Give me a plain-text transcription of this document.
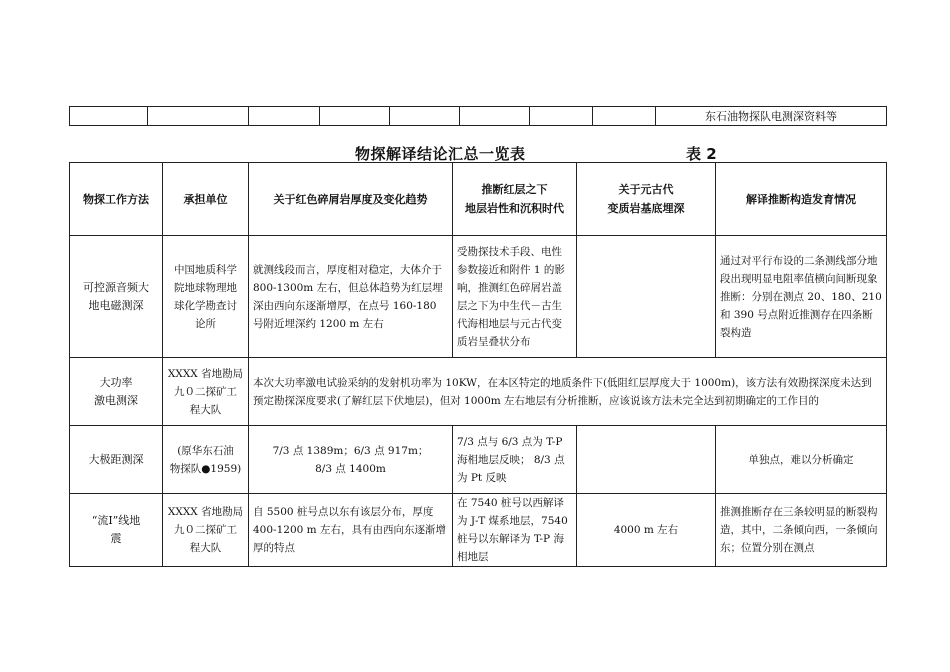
								东石油物探队电测深资料等
物探解译结论汇总一览表	表 2
物探工作方法	承担单位	关于红色碎屑岩厚度及变化趋势	推断红层之下
地层岩性和沉积时代	关于元古代
变质岩基底埋深	解译推断构造发育情况
可控源音频大
地电磁测深	中国地质科学
院地球物理地
球化学勘查讨
论所	就测线段而言，厚度相对稳定，大体介于 800-1300m 左右，但总体趋势为红层埋深由西向东逐渐增厚，在点号 160-180 号附近埋深约 1200 m 左右	受勘探技术手段、电性参数接近和附件 1 的影响，推测红色碎屑岩盖层之下为中生代－古生代海相地层与元古代变质岩呈叠状分布		通过对平行布设的二条测线部分地段出现明显电阻率值横向间断现象推断：分别在测点 20、180、210 和 390 号点附近推测存在四条断裂构造
大功率
激电测深	XXXX 省地勘局
九０二探矿工
程大队	本次大功率激电试验采纳的发射机功率为 10KW，在本区特定的地质条件下(低阻红层厚度大于 1000m)，该方法有效勘探深度未达到预定勘探深度要求(了解红层下伏地层)，但对 1000m 左右地层有分析推断，应该说该方法未完全达到初期确定的工作目的			
大极距测深	(原华东石油
物探队●1959)	7/3 点 1389m；6/3 点 917m；
8/3 点 1400m	7/3 点与 6/3 点为 T-P 海相地层反映； 8/3 点为 Pt 反映		单独点，难以分析确定
“流Ⅰ”线地
震	XXXX 省地勘局
九０二探矿工
程大队	自 5500 桩号点以东有该层分布，厚度 400-1200 m 左右，具有由西向东逐渐增厚的特点	在 7540 桩号以西解译为 J-T 煤系地层，7540 桩号以东解译为 T-P 海相地层	4000 m 左右	推测推断存在三条较明显的断裂构造，其中，二条倾向西，一条倾向东；位置分别在测点
